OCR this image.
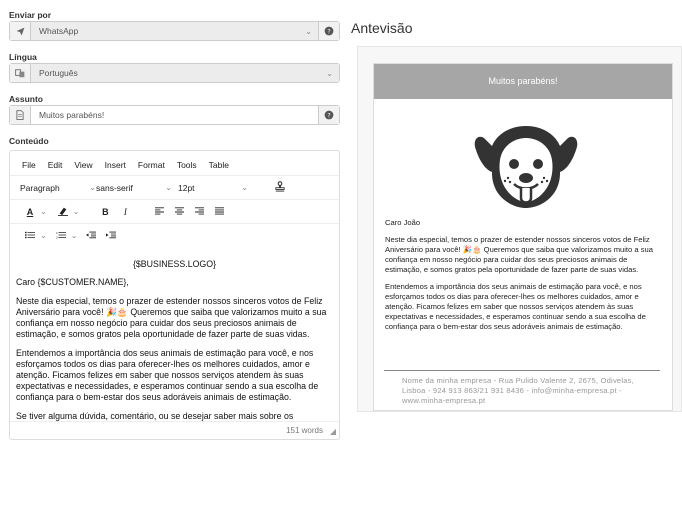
Enviar por
WhatsApp	⌄ ?
Língua
Português	⌄
Assunto
Muitos parabéns!	?
Conteúdo
File Edit View Insert Format Tools Table
Paragraph	⌄ sans-serif	⌄ 12pt	⌄
A ⌄	⌄	B	I
⌄	1
2 ⌄

{$BUSINESS.LOGO}

Caro {$CUSTOMER.NAME},

Neste dia especial, temos o prazer de estender nossos sinceros votos de Feliz Aniversário para você! 🎉🎂 Queremos que saiba que valorizamos muito a sua confiança em nosso negócio para cuidar dos seus preciosos animais de estimação, e somos gratos pela oportunidade de fazer parte de suas vidas.

Entendemos a importância dos seus animais de estimação para você, e nos esforçamos todos os dias para oferecer-lhes os melhores cuidados, amor e atenção. Ficamos felizes em saber que nossos serviços atendem às suas expectativas e necessidades, e esperamos continuar sendo a sua escolha de confiança para o bem-estar dos seus adoráveis animais de estimação.

Se tiver alguma dúvida, comentário, ou se desejar saber mais sobre os

151 words ◢
Antevisão
Muitos parabéns!

Caro João

Neste dia especial, temos o prazer de estender nossos sinceros votos de Feliz Aniversário para você! 🎉🎂 Queremos que saiba que valorizamos muito a sua confiança em nosso negócio para cuidar dos seus preciosos animais de estimação, e somos gratos pela oportunidade de fazer parte de suas vidas.

Entendemos a importância dos seus animais de estimação para você, e nos esforçamos todos os dias para oferecer-lhes os melhores cuidados, amor e atenção. Ficamos felizes em saber que nossos serviços atendem às suas expectativas e necessidades, e esperamos continuar sendo a sua escolha de confiança para o bem-estar dos seus adoráveis animais de estimação.

Nome da minha empresa - Rua Pulido Valente 2, 2675, Odivelas, Lisboa - 924 913 863/21 931 8436 - info@minha-empresa.pt - www.minha-empresa.pt
